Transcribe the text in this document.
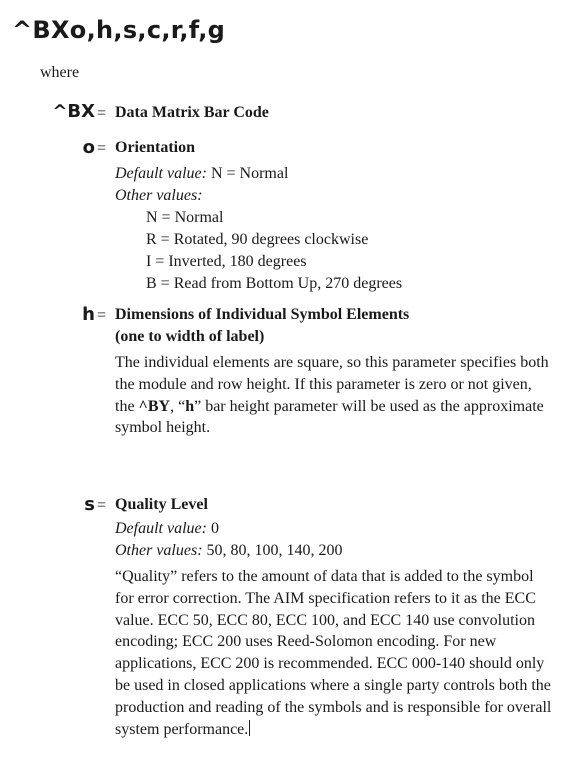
^BXo,h,s,c,r,f,g
where
^BX = Data Matrix Bar Code
o = Orientation
Default value: N = Normal
Other values:
N = Normal
R = Rotated, 90 degrees clockwise
I = Inverted, 180 degrees
B = Read from Bottom Up, 270 degrees
h = Dimensions of Individual Symbol Elements
(one to width of label)
The individual elements are square, so this parameter specifies both the module and row height. If this parameter is zero or not given, the ^BY, “h” bar height parameter will be used as the approximate symbol height.
s = Quality Level
Default value: 0
Other values: 50, 80, 100, 140, 200
“Quality” refers to the amount of data that is added to the symbol for error correction. The AIM specification refers to it as the ECC value. ECC 50, ECC 80, ECC 100, and ECC 140 use convolution encoding; ECC 200 uses Reed-Solomon encoding. For new applications, ECC 200 is recommended. ECC 000-140 should only be used in closed applications where a single party controls both the production and reading of the symbols and is responsible for overall system performance.
